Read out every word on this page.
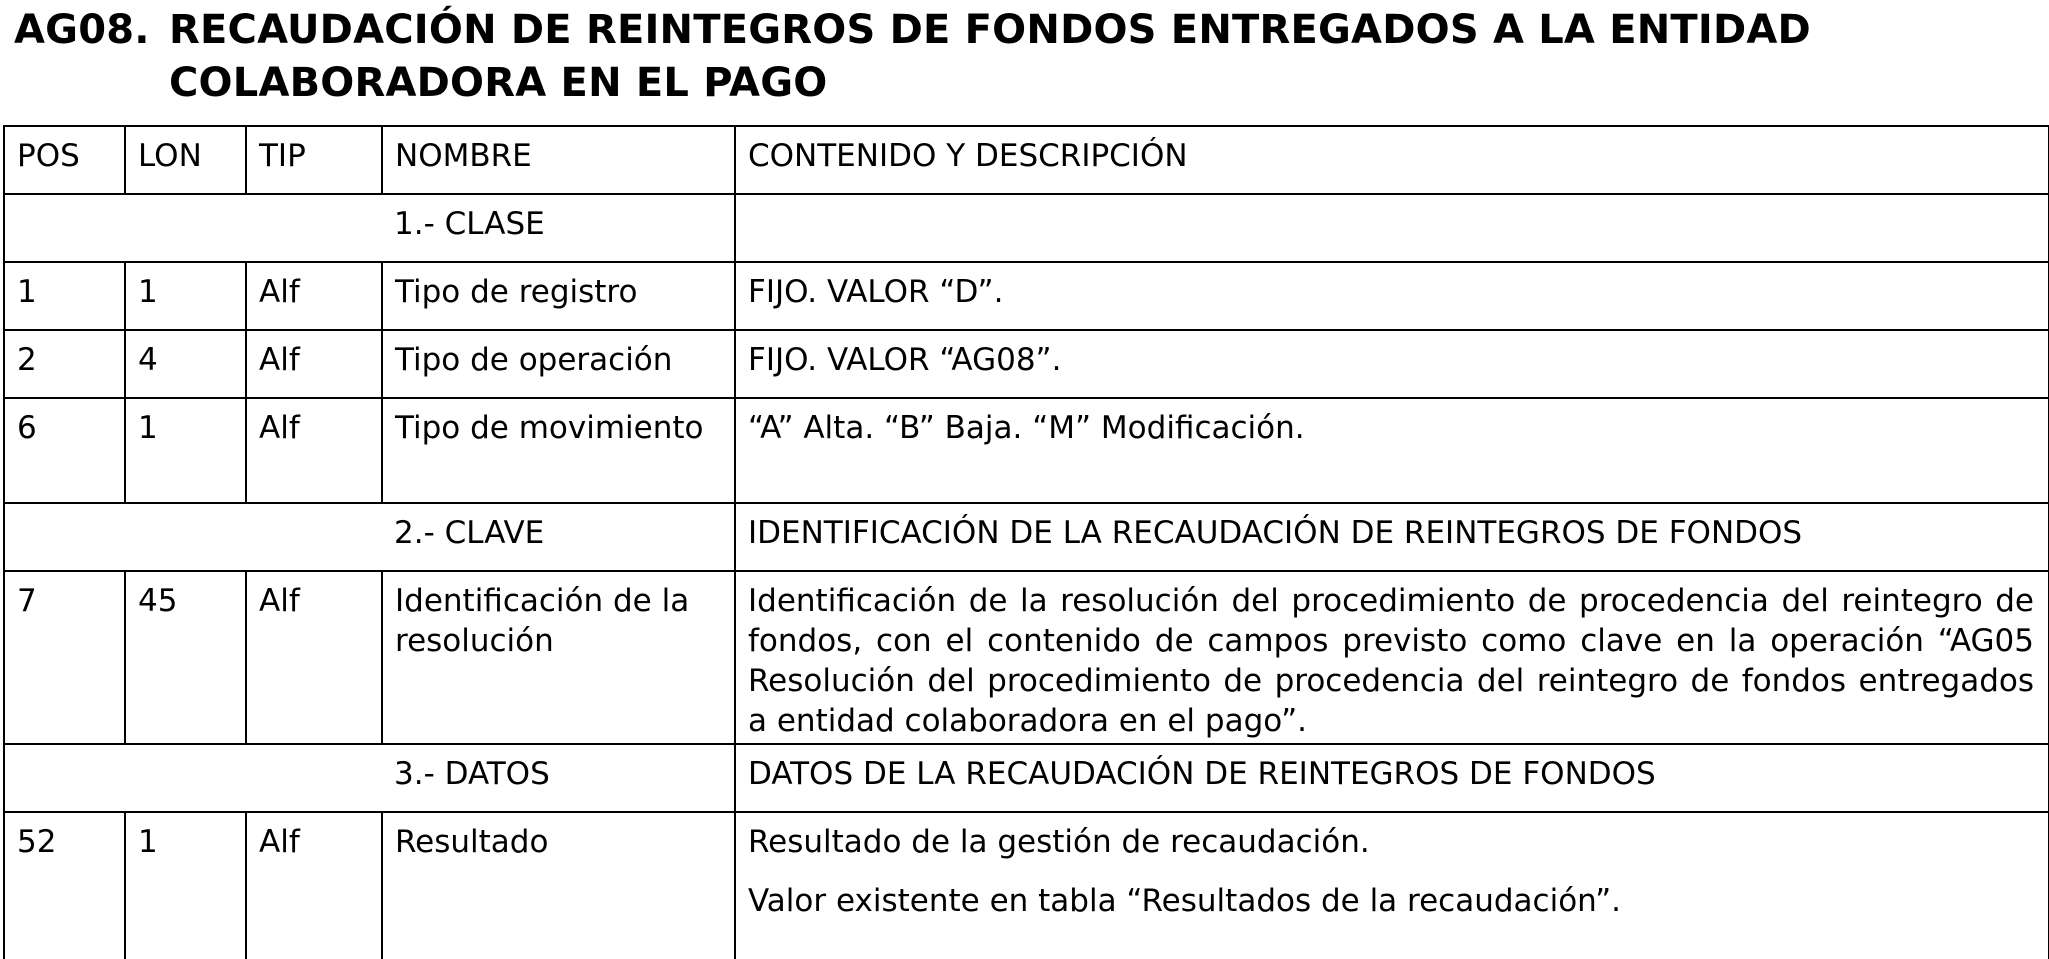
AG08. RECAUDACIÓN DE REINTEGROS DE FONDOS ENTREGADOS A LA ENTIDAD COLABORADORA EN EL PAGO
POS	LON	TIP	NOMBRE	CONTENIDO Y DESCRIPCIÓN
			1.- CLASE	
1	1	Alf	Tipo de registro	FIJO. VALOR “D”.

2	4	Alf	Tipo de operación	FIJO. VALOR “AG08”.

6	1	Alf	Tipo de movimiento	“A” Alta. “B” Baja. “M” Modificación.

			2.- CLAVE	IDENTIFICACIÓN DE LA RECAUDACIÓN DE REINTEGROS DE FONDOS
7	45	Alf	Identificación de la resolución	Identificación de la resolución del procedimiento de procedencia del reintegro de fondos, con el contenido de campos previsto como clave en la operación “AG05 Resolución del procedimiento de procedencia del reintegro de fondos entregados a entidad colaboradora en el pago”.

			3.- DATOS	DATOS DE LA RECAUDACIÓN DE REINTEGROS DE FONDOS
52	1	Alf	Resultado	Resultado de la gestión de recaudación.
Valor existente en tabla “Resultados de la recaudación”.
